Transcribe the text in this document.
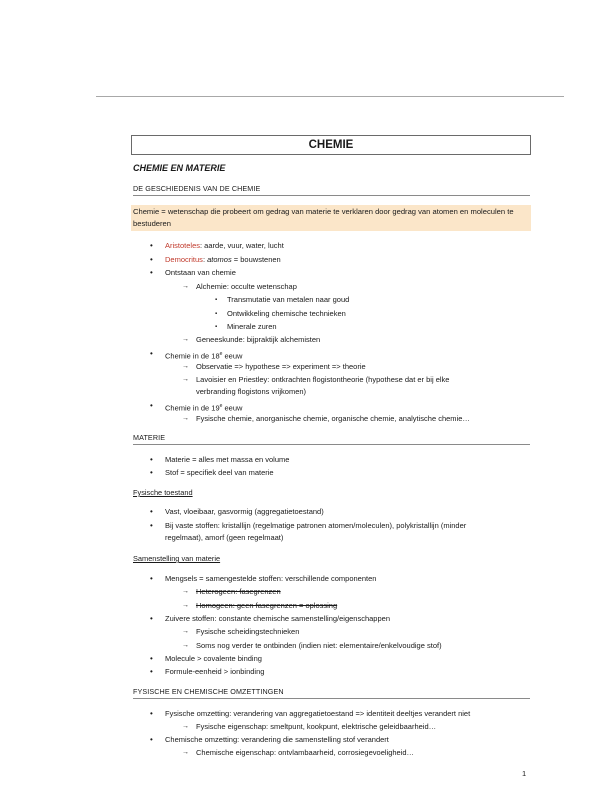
CHEMIE
CHEMIE EN MATERIE
DE GESCHIEDENIS VAN DE CHEMIE
Chemie = wetenschap die probeert om gedrag van materie te verklaren door gedrag van atomen en moleculen te bestuderen
• Aristoteles: aarde, vuur, water, lucht
• Democritus: atomos = bouwstenen
• Ontstaan van chemie
→ Alchemie: occulte wetenschap
▪ Transmutatie van metalen naar goud
▪ Ontwikkeling chemische technieken
▪ Minerale zuren
→ Geneeskunde: bijpraktijk alchemisten
• Chemie in de 18e eeuw
→ Observatie => hypothese => experiment => theorie
→ Lavoisier en Priestley: ontkrachten flogistontheorie (hypothese dat er bij elke
verbranding flogistons vrijkomen)
• Chemie in de 19e eeuw
→ Fysische chemie, anorganische chemie, organische chemie, analytische chemie…
MATERIE
• Materie = alles met massa en volume
• Stof = specifiek deel van materie
Fysische toestand
• Vast, vloeibaar, gasvormig (aggregatietoestand)
• Bij vaste stoffen: kristallijn (regelmatige patronen atomen/moleculen), polykristallijn (minder
regelmaat), amorf (geen regelmaat)
Samenstelling van materie
• Mengsels = samengestelde stoffen: verschillende componenten
→ Heterogeen: fasegrenzen
→ Homogeen: geen fasegrenzen = oplossing
• Zuivere stoffen: constante chemische samenstelling/eigenschappen
→ Fysische scheidingstechnieken
→ Soms nog verder te ontbinden (indien niet: elementaire/enkelvoudige stof)
• Molecule > covalente binding
• Formule-eenheid > ionbinding
FYSISCHE EN CHEMISCHE OMZETTINGEN
• Fysische omzetting: verandering van aggregatietoestand => identiteit deeltjes verandert niet
→ Fysische eigenschap: smeltpunt, kookpunt, elektrische geleidbaarheid…
• Chemische omzetting: verandering die samenstelling stof verandert
→ Chemische eigenschap: ontvlambaarheid, corrosiegevoeligheid…
1
